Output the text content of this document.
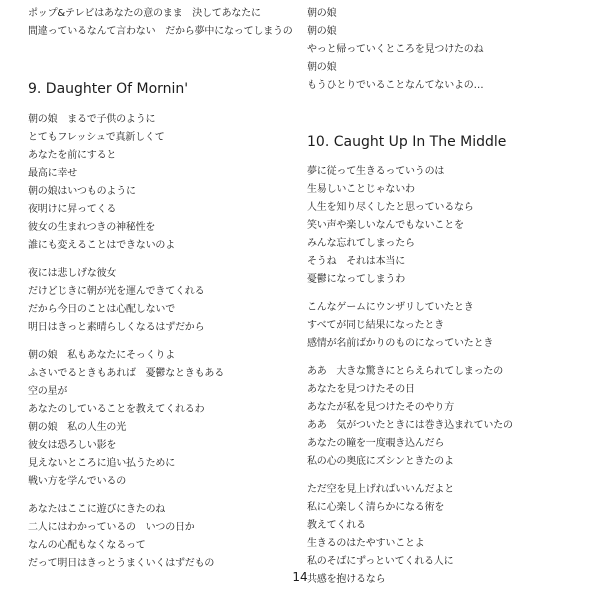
ポップ&テレビはあなたの意のまま　決してあなたに
間違っているなんて言わない　だから夢中になってしまうの
9. Daughter Of Mornin'
朝の娘　まるで子供のように
とてもフレッシュで真新しくて
あなたを前にすると
最高に幸せ
朝の娘はいつものように
夜明けに昇ってくる
彼女の生まれつきの神秘性を
誰にも変えることはできないのよ
夜には悲しげな彼女
だけどじきに朝が光を運んできてくれる
だから今日のことは心配しないで
明日はきっと素晴らしくなるはずだから
朝の娘　私もあなたにそっくりよ
ふさいでるときもあれば　憂鬱なときもある
空の星が
あなたのしていることを教えてくれるわ
朝の娘　私の人生の光
彼女は恐ろしい影を
見えないところに追い払うために
戦い方を学んでいるの
あなたはここに遊びにきたのね
二人にはわかっているの　いつの日か
なんの心配もなくなるって
だって明日はきっとうまくいくはずだもの
朝の娘
朝の娘
やっと帰っていくところを見つけたのね
朝の娘
もうひとりでいることなんてないよの…
10. Caught Up In The Middle
夢に従って生きるっていうのは
生易しいことじゃないわ
人生を知り尽くしたと思っているなら
笑い声や楽しいなんでもないことを
みんな忘れてしまったら
そうね　それは本当に
憂鬱になってしまうわ
こんなゲームにウンザリしていたとき
すべてが同じ結果になったとき
感情が名前ばかりのものになっていたとき
ああ　大きな驚きにとらえられてしまったの
あなたを見つけたその日
あなたが私を見つけたそのやり方
ああ　気がついたときには巻き込まれていたの
あなたの瞳を一度覗き込んだら
私の心の奥底にズシンときたのよ
ただ空を見上げればいいんだよと
私に心楽しく清らかになる術を
教えてくれる
生きるのはたやすいことよ
私のそばにずっといてくれる人に
共感を抱けるなら
14
